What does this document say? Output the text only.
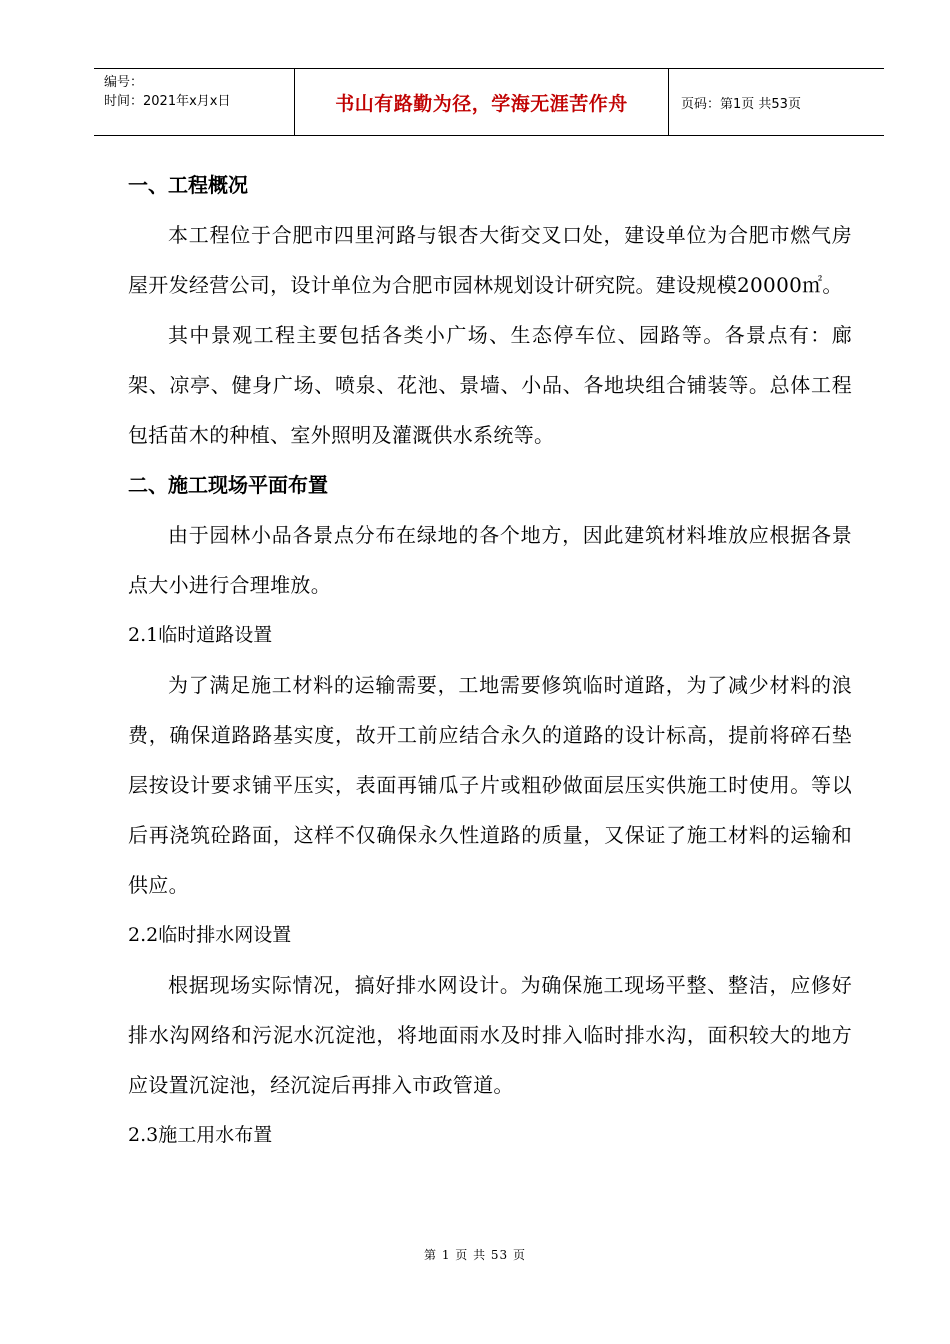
编号：
时间：2021年x月x日	书山有路勤为径，学海无涯苦作舟	页码：第1页 共53页

一、工程概况

本工程位于合肥市四里河路与银杏大街交叉口处，建设单位为合肥市燃气房屋开发经营公司，设计单位为合肥市园林规划设计研究院。建设规模20000㎡。

其中景观工程主要包括各类小广场、生态停车位、园路等。各景点有：廊架、凉亭、健身广场、喷泉、花池、景墙、小品、各地块组合铺装等。总体工程包括苗木的种植、室外照明及灌溉供水系统等。

二、施工现场平面布置

由于园林小品各景点分布在绿地的各个地方，因此建筑材料堆放应根据各景点大小进行合理堆放。

2.1临时道路设置

为了满足施工材料的运输需要，工地需要修筑临时道路，为了减少材料的浪费，确保道路路基实度，故开工前应结合永久的道路的设计标高，提前将碎石垫层按设计要求铺平压实，表面再铺瓜子片或粗砂做面层压实供施工时使用。等以后再浇筑砼路面，这样不仅确保永久性道路的质量，又保证了施工材料的运输和供应。

2.2临时排水网设置

根据现场实际情况，搞好排水网设计。为确保施工现场平整、整洁，应修好排水沟网络和污泥水沉淀池，将地面雨水及时排入临时排水沟，面积较大的地方应设置沉淀池，经沉淀后再排入市政管道。

2.3施工用水布置

第 1 页 共 53 页
